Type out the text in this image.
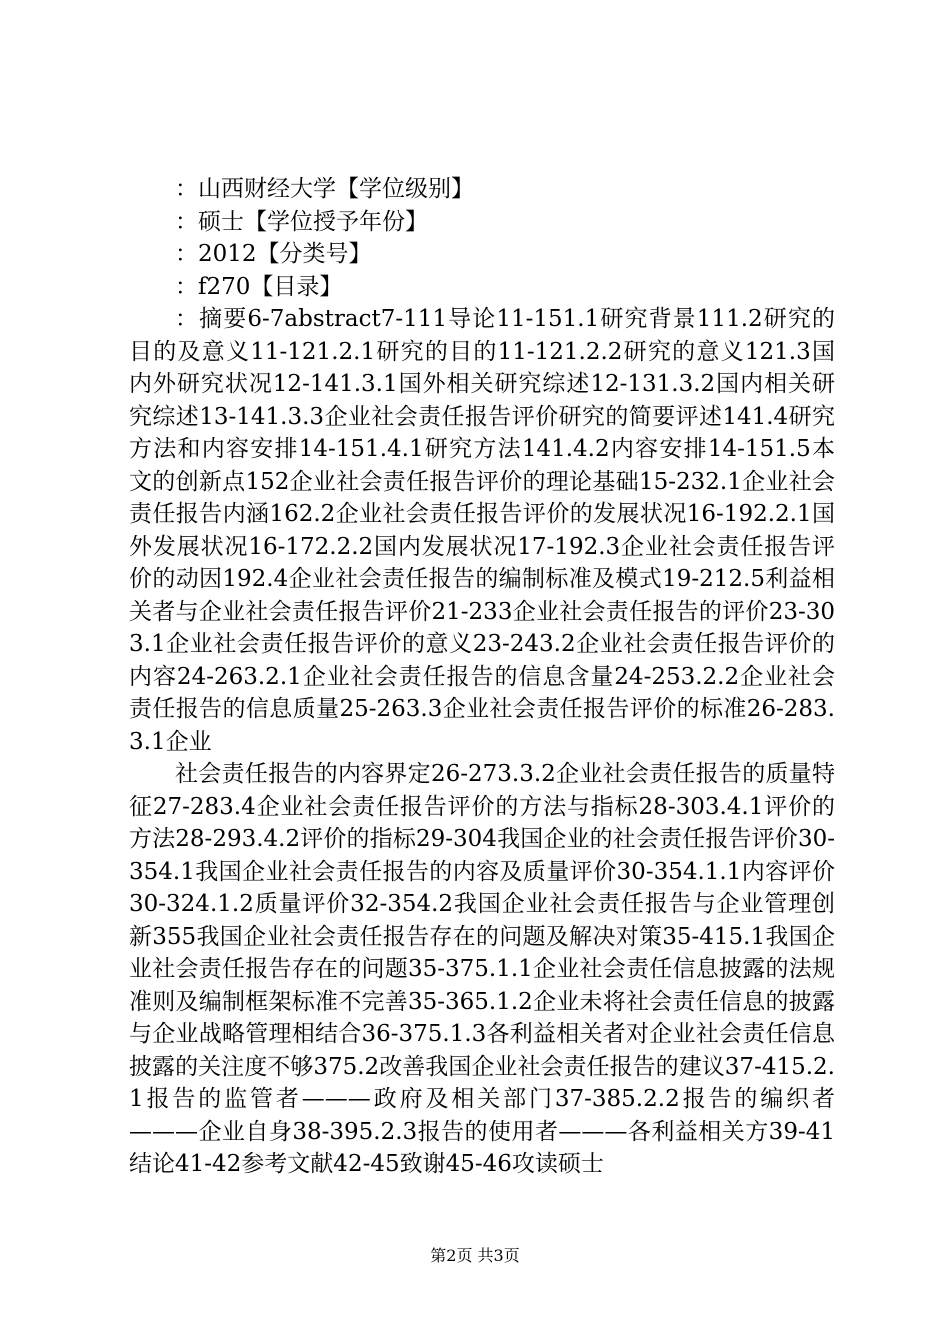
：山西财经大学【学位级别】

：硕士【学位授予年份】

：2012【分类号】

：f270【目录】

：摘要6-7abstract7-111导论11-151.1研究背景111.2研究的目的及意义11-121.2.1研究的目的11-121.2.2研究的意义121.3国内外研究状况12-141.3.1国外相关研究综述12-131.3.2国内相关研究综述13-141.3.3企业社会责任报告评价研究的简要评述141.4研究方法和内容安排14-151.4.1研究方法141.4.2内容安排14-151.5本文的创新点152企业社会责任报告评价的理论基础15-232.1企业社会责任报告内涵162.2企业社会责任报告评价的发展状况16-192.2.1国外发展状况16-172.2.2国内发展状况17-192.3企业社会责任报告评价的动因192.4企业社会责任报告的编制标准及模式19-212.5利益相关者与企业社会责任报告评价21-233企业社会责任报告的评价23-303.1企业社会责任报告评价的意义23-243.2企业社会责任报告评价的内容24-263.2.1企业社会责任报告的信息含量24-253.2.2企业社会责任报告的信息质量25-263.3企业社会责任报告评价的标准26-283.3.1企业

社会责任报告的内容界定26-273.3.2企业社会责任报告的质量特征27-283.4企业社会责任报告评价的方法与指标28-303.4.1评价的方法28-293.4.2评价的指标29-304我国企业的社会责任报告评价30-354.1我国企业社会责任报告的内容及质量评价30-354.1.1内容评价30-324.1.2质量评价32-354.2我国企业社会责任报告与企业管理创新355我国企业社会责任报告存在的问题及解决对策35-415.1我国企业社会责任报告存在的问题35-375.1.1企业社会责任信息披露的法规准则及编制框架标准不完善35-365.1.2企业未将社会责任信息的披露与企业战略管理相结合36-375.1.3各利益相关者对企业社会责任信息披露的关注度不够375.2改善我国企业社会责任报告的建议37-415.2.1报告的监管者———政府及相关部门37-385.2.2报告的编织者———企业自身38-395.2.3报告的使用者———各利益相关方39-41结论41-42参考文献42-45致谢45-46攻读硕士

第2页 共3页
